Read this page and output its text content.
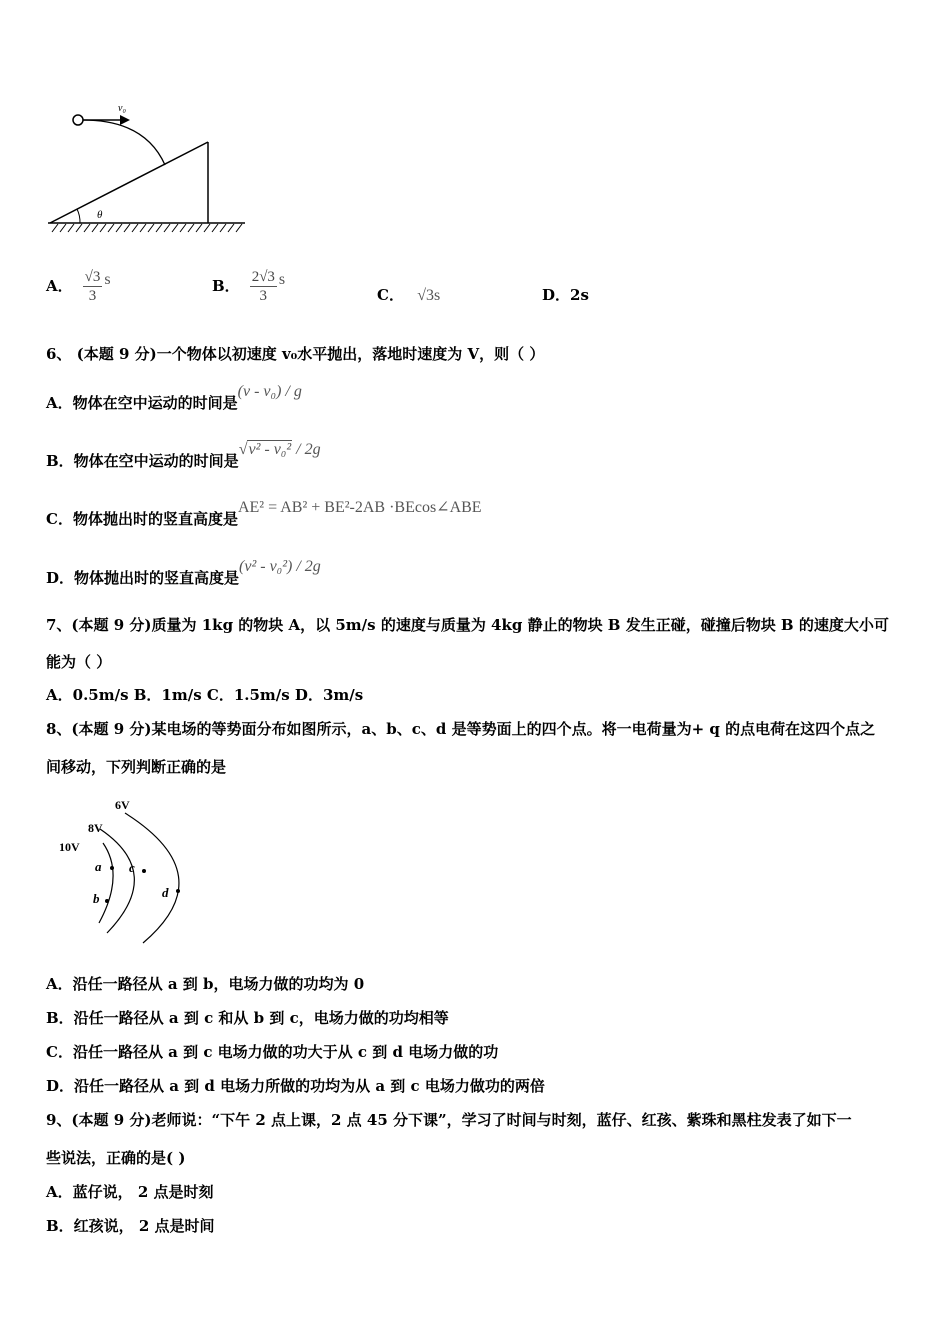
v₀
θ
A． $\frac{√3}{3}$ s	B． $\frac{2√3}{3}$ s
C． √3s	D．2s
6、 (本题 9 分)一个物体以初速度 v₀水平抛出，落地时速度为 V，则（ ）
A．物体在空中运动的时间是(v - v₀) / g
B．物体在空中运动的时间是√v² - v₀² / 2g
C．物体抛出时的竖直高度是AE² = AB² + BE²-2AB ·BEcos∠ABE
D．物体抛出时的竖直高度是(v² - v₀²) / 2g
7、(本题 9 分)质量为 1kg 的物块 A，以 5m/s 的速度与质量为 4kg 静止的物块 B 发生正碰，碰撞后物块 B 的速度大小可
能为（ ）
A．0.5m/s B．1m/s C．1.5m/s D．3m/s
8、(本题 9 分)某电场的等势面分布如图所示，a、b、c、d 是等势面上的四个点。将一电荷量为+ q 的点电荷在这四个点之
间移动，下列判断正确的是
6V
8V
10V
a
b
c
d
A．沿任一路径从 a 到 b，电场力做的功均为 0
B．沿任一路径从 a 到 c 和从 b 到 c，电场力做的功均相等
C．沿任一路径从 a 到 c 电场力做的功大于从 c 到 d 电场力做的功
D．沿任一路径从 a 到 d 电场力所做的功均为从 a 到 c 电场力做功的两倍
9、(本题 9 分)老师说：“下午 2 点上课，2 点 45 分下课”，学习了时间与时刻，蓝仔、红孩、紫珠和黑柱发表了如下一
些说法，正确的是( )
A．蓝仔说， 2 点是时刻
B．红孩说， 2 点是时间
